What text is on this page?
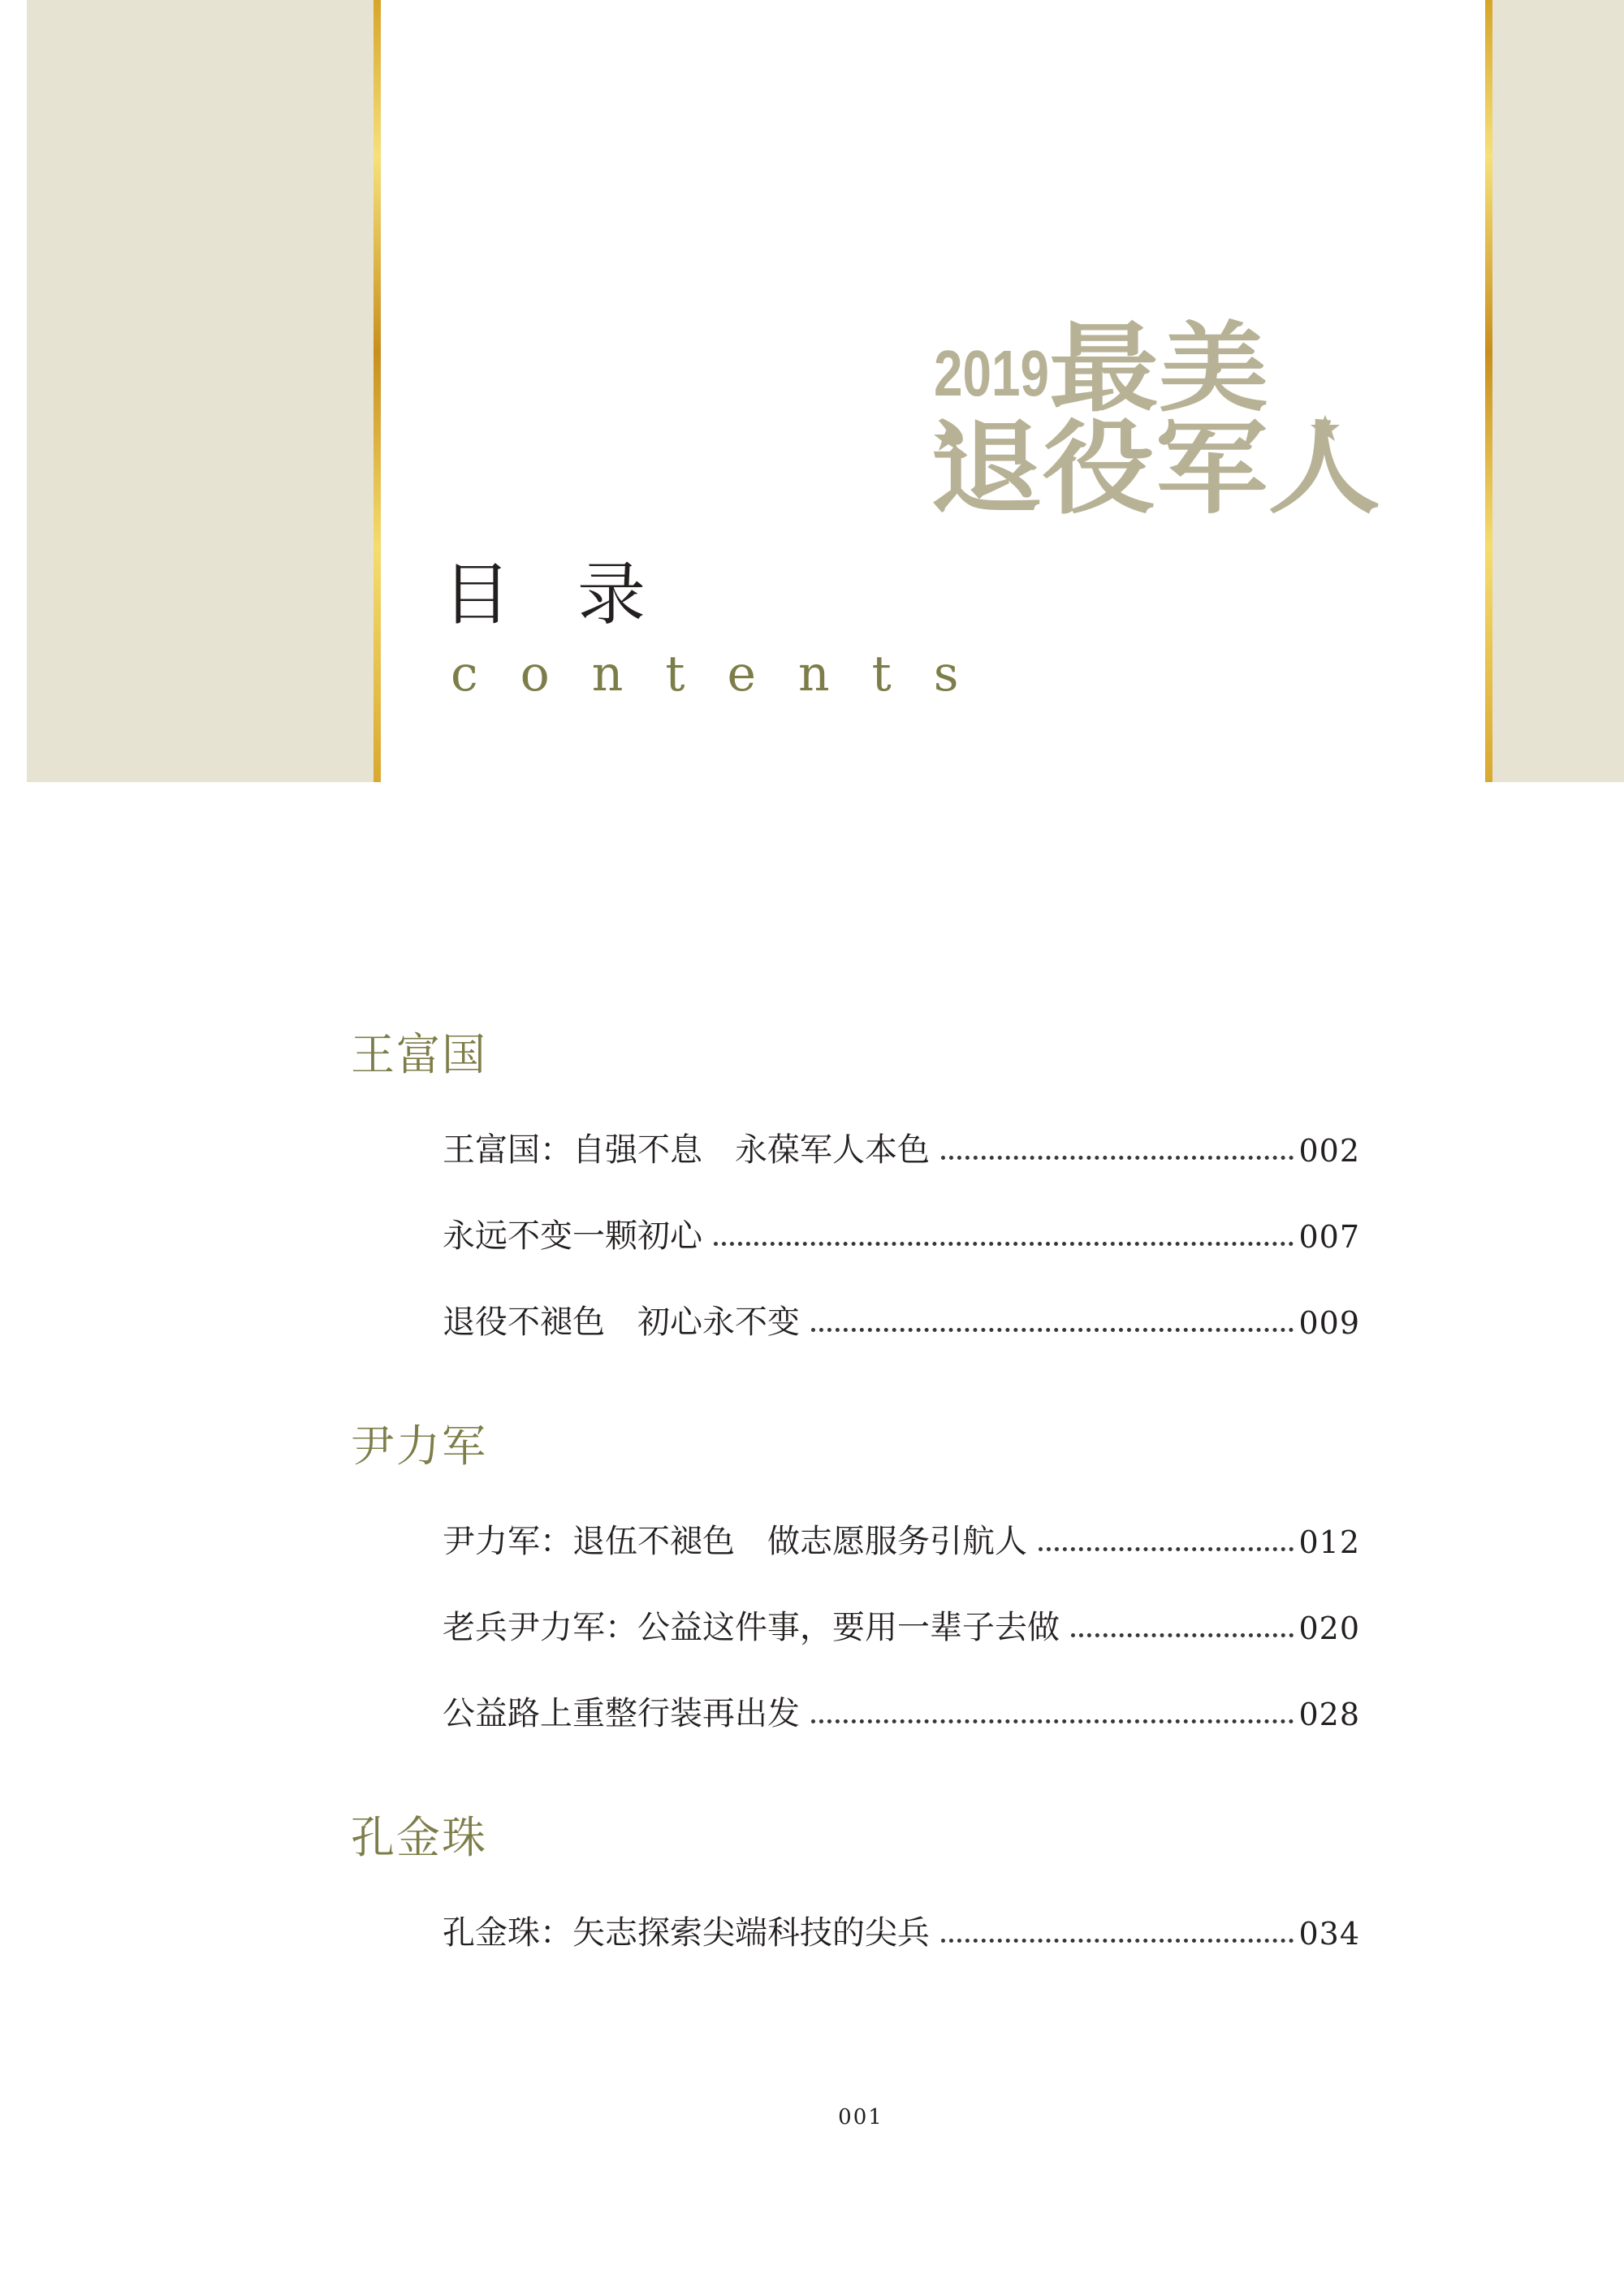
2019 最美
退役军人
目录
contents
王富国
王富国：自强不息　永葆军人本色	002
永远不变一颗初心	007
退役不褪色　初心永不变	009
尹力军
尹力军：退伍不褪色　做志愿服务引航人	012
老兵尹力军：公益这件事，要用一辈子去做	020
公益路上重整行装再出发	028
孔金珠
孔金珠：矢志探索尖端科技的尖兵	034
001
